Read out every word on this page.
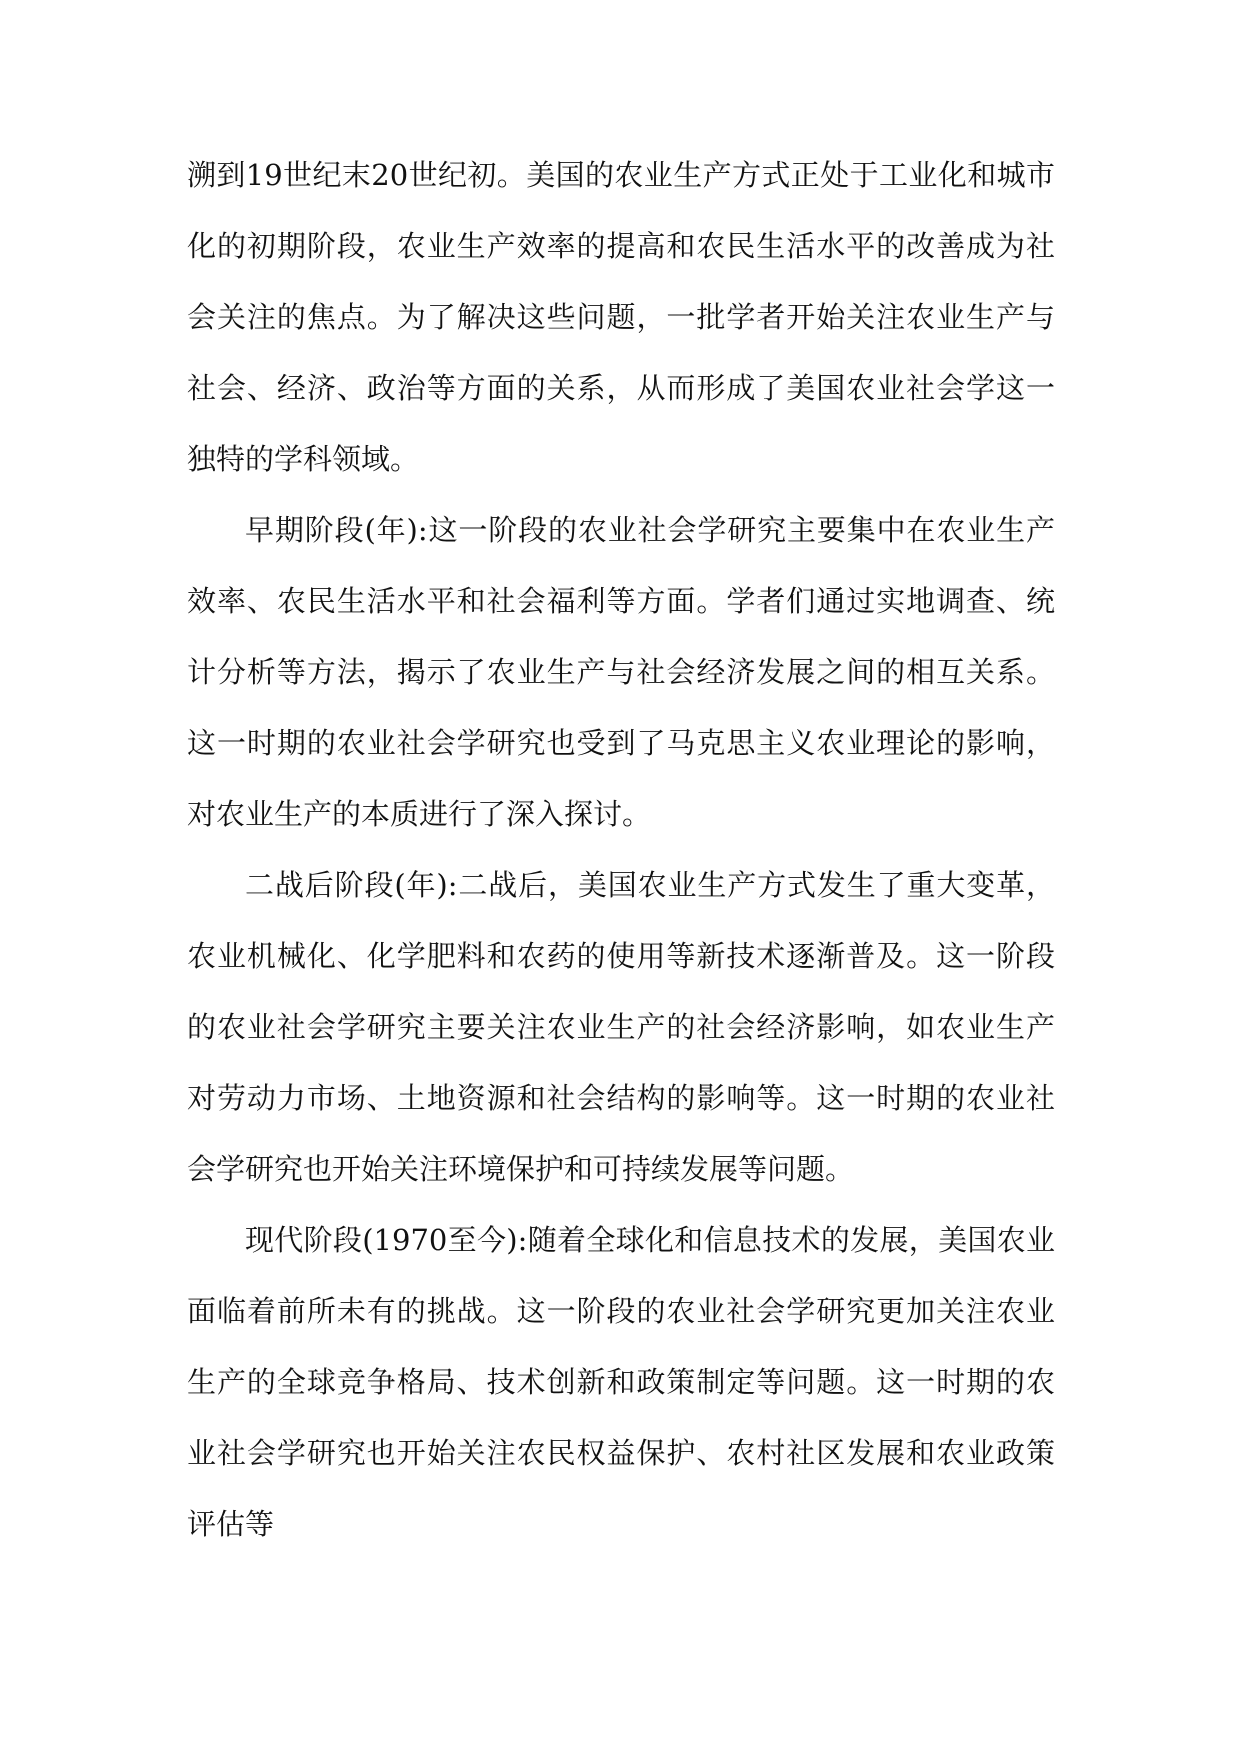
溯到19世纪末20世纪初。美国的农业生产方式正处于工业化和城市化的初期阶段，农业生产效率的提高和农民生活水平的改善成为社会关注的焦点。为了解决这些问题，一批学者开始关注农业生产与社会、经济、政治等方面的关系，从而形成了美国农业社会学这一独特的学科领域。

早期阶段(年):这一阶段的农业社会学研究主要集中在农业生产效率、农民生活水平和社会福利等方面。学者们通过实地调查、统计分析等方法，揭示了农业生产与社会经济发展之间的相互关系。这一时期的农业社会学研究也受到了马克思主义农业理论的影响，对农业生产的本质进行了深入探讨。

二战后阶段(年):二战后，美国农业生产方式发生了重大变革，农业机械化、化学肥料和农药的使用等新技术逐渐普及。这一阶段的农业社会学研究主要关注农业生产的社会经济影响，如农业生产对劳动力市场、土地资源和社会结构的影响等。这一时期的农业社会学研究也开始关注环境保护和可持续发展等问题。

现代阶段(1970至今):随着全球化和信息技术的发展，美国农业面临着前所未有的挑战。这一阶段的农业社会学研究更加关注农业生产的全球竞争格局、技术创新和政策制定等问题。这一时期的农业社会学研究也开始关注农民权益保护、农村社区发展和农业政策评估等
